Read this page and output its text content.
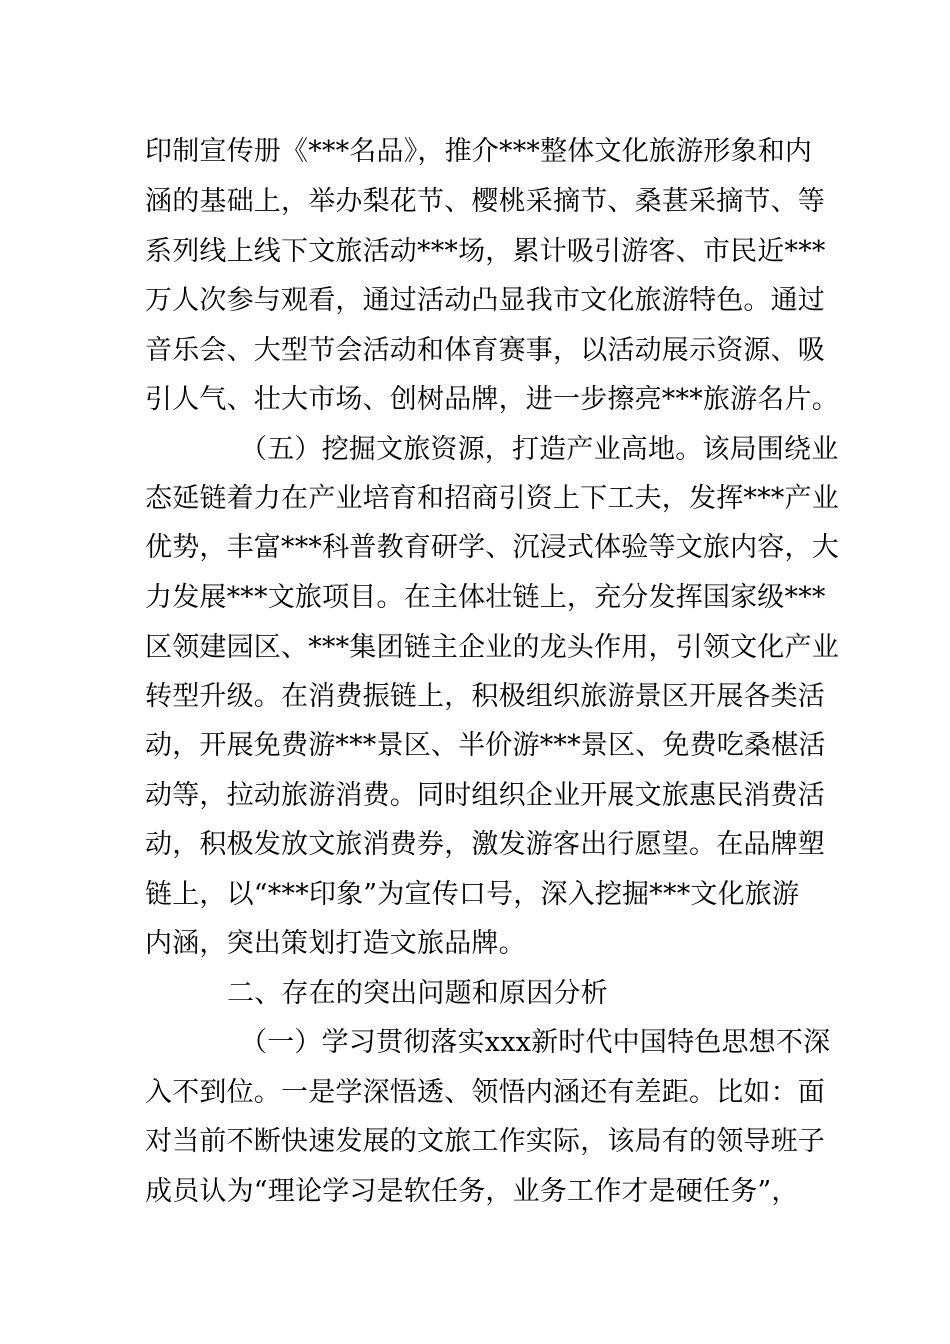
印制宣传册《***名品》，推介***整体文化旅游形象和内
涵的基础上，举办梨花节、樱桃采摘节、桑葚采摘节、等
系列线上线下文旅活动***场，累计吸引游客、市民近***
万人次参与观看，通过活动凸显我市文化旅游特色。通过
音乐会、大型节会活动和体育赛事，以活动展示资源、吸
引人气、壮大市场、创树品牌，进一步擦亮***旅游名片。
（五）挖掘文旅资源，打造产业高地。该局围绕业
态延链着力在产业培育和招商引资上下工夫，发挥***产业
优势，丰富***科普教育研学、沉浸式体验等文旅内容，大
力发展***文旅项目。在主体壮链上，充分发挥国家级***
区领建园区、***集团链主企业的龙头作用，引领文化产业
转型升级。在消费振链上，积极组织旅游景区开展各类活
动，开展免费游***景区、半价游***景区、免费吃桑椹活
动等，拉动旅游消费。同时组织企业开展文旅惠民消费活
动，积极发放文旅消费券，激发游客出行愿望。在品牌塑
链上，以“***印象”为宣传口号，深入挖掘***文化旅游
内涵，突出策划打造文旅品牌。
二、存在的突出问题和原因分析
（一）学习贯彻落实xxx新时代中国特色思想不深
入不到位。一是学深悟透、领悟内涵还有差距。比如：面
对当前不断快速发展的文旅工作实际，该局有的领导班子
成员认为“理论学习是软任务，业务工作才是硬任务”，
